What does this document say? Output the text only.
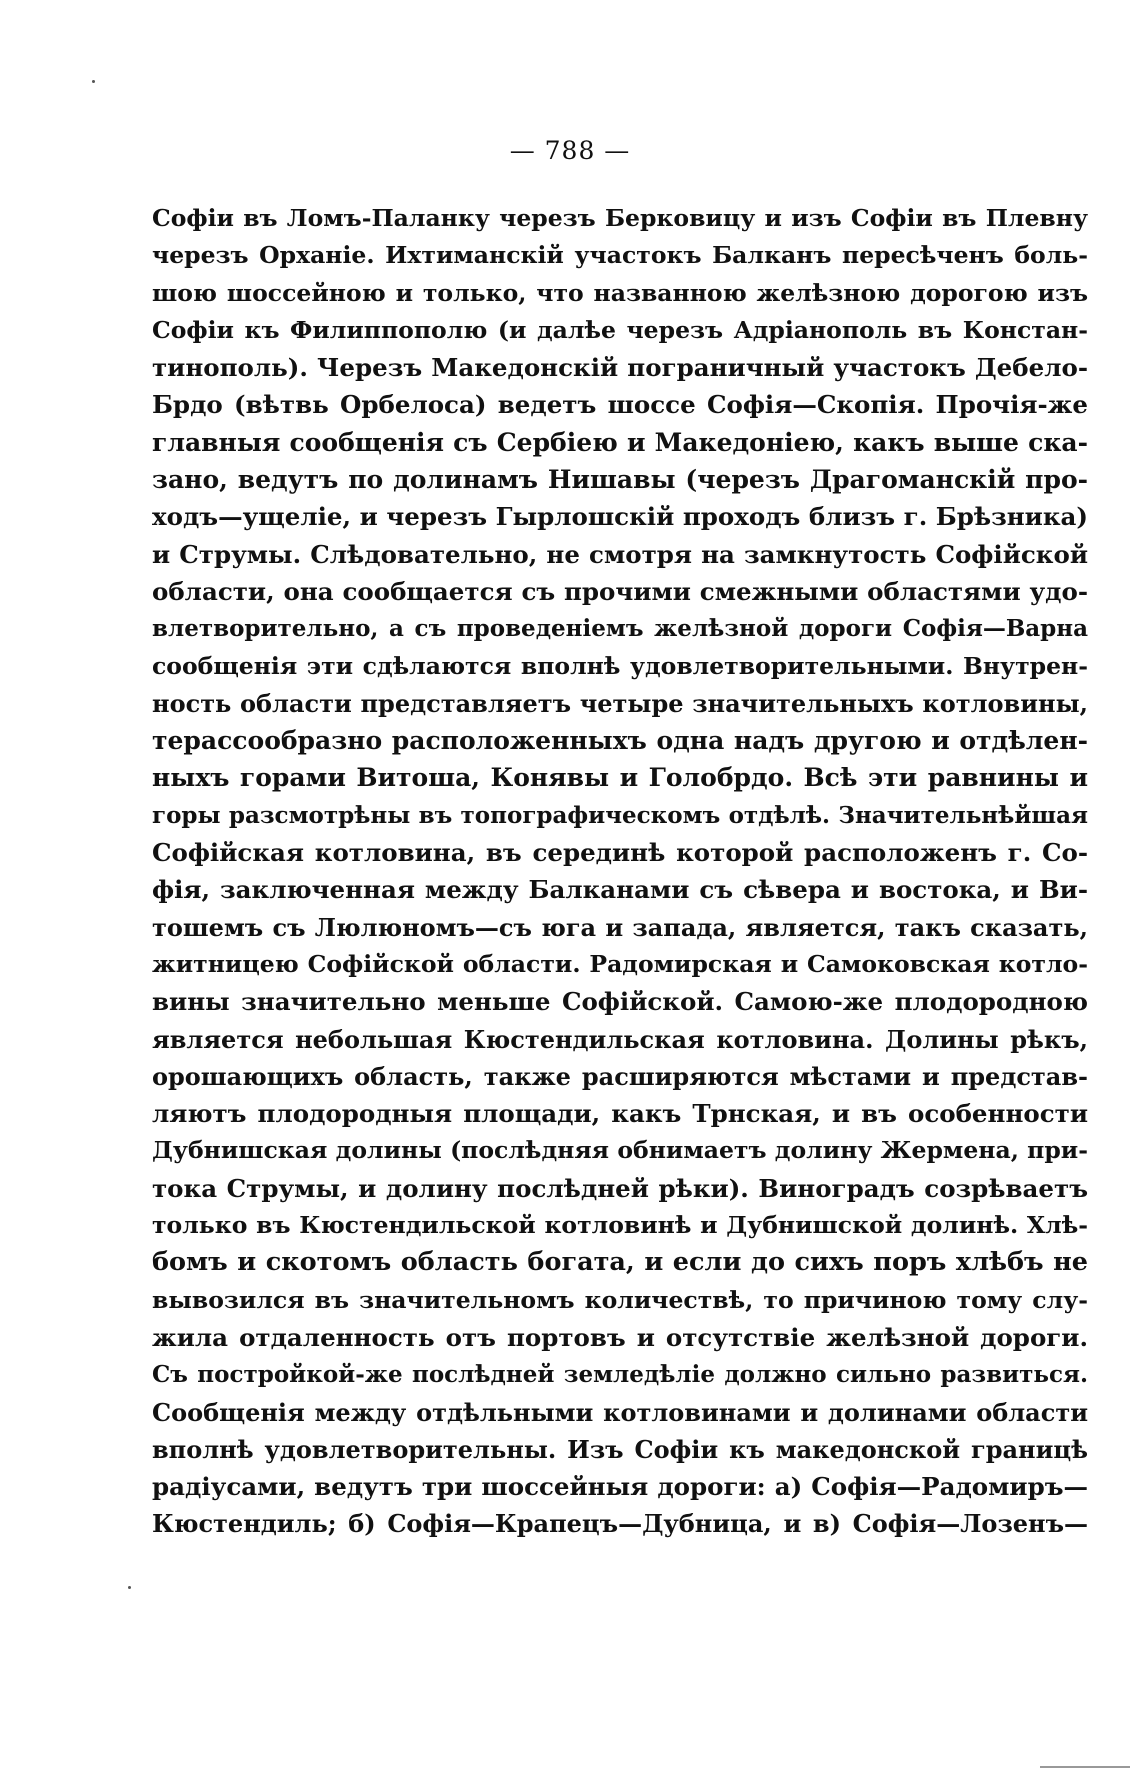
— 788 —
Софіи въ Ломъ-Паланку черезъ Берковицу и изъ Софіи въ Плевну
черезъ Орханіе. Ихтиманскій участокъ Балканъ пересѣченъ боль-
шою шоссейною и только, что названною желѣзною дорогою изъ
Софіи къ Филиппополю (и далѣе черезъ Адріанополь въ Констан-
тинополь). Черезъ Македонскій пограничный участокъ Дебело-
Брдо (вѣтвь Орбелоса) ведетъ шоссе Софія—Скопія. Прочія-же
главныя сообщенія съ Сербіею и Македоніею, какъ выше ска-
зано, ведутъ по долинамъ Нишавы (черезъ Драгоманскій про-
ходъ—ущеліе, и черезъ Гырлошскій проходъ близъ г. Брѣзника)
и Струмы. Слѣдовательно, не смотря на замкнутость Софійской
области, она сообщается съ прочими смежными областями удо-
влетворительно, а съ проведеніемъ желѣзной дороги Софія—Варна
сообщенія эти сдѣлаются вполнѣ удовлетворительными. Внутрен-
ность области представляетъ четыре значительныхъ котловины,
терассообразно расположенныхъ одна надъ другою и отдѣлен-
ныхъ горами Витоша, Конявы и Голобрдо. Всѣ эти равнины и
горы разсмотрѣны въ топографическомъ отдѣлѣ. Значительнѣйшая
Софійская котловина, въ серединѣ которой расположенъ г. Со-
фія, заключенная между Балканами съ сѣвера и востока, и Ви-
тошемъ съ Люлюномъ—съ юга и запада, является, такъ сказать,
житницею Софійской области. Радомирская и Самоковская котло-
вины значительно меньше Софійской. Самою-же плодородною
является небольшая Кюстендильская котловина. Долины рѣкъ,
орошающихъ область, также расширяются мѣстами и представ-
ляютъ плодородныя площади, какъ Трнская, и въ особенности
Дубнишская долины (послѣдняя обнимаетъ долину Жермена, при-
тока Струмы, и долину послѣдней рѣки). Виноградъ созрѣваетъ
только въ Кюстендильской котловинѣ и Дубнишской долинѣ. Хлѣ-
бомъ и скотомъ область богата, и если до сихъ поръ хлѣбъ не
вывозился въ значительномъ количествѣ, то причиною тому слу-
жила отдаленность отъ портовъ и отсутствіе желѣзной дороги.
Съ постройкой-же послѣдней земледѣліе должно сильно развиться.
Сообщенія между отдѣльными котловинами и долинами области
вполнѣ удовлетворительны. Изъ Софіи къ македонской границѣ
радіусами, ведутъ три шоссейныя дороги: а) Софія—Радомиръ—
Кюстендиль; б) Софія—Крапецъ—Дубница, и в) Софія—Лозенъ—
